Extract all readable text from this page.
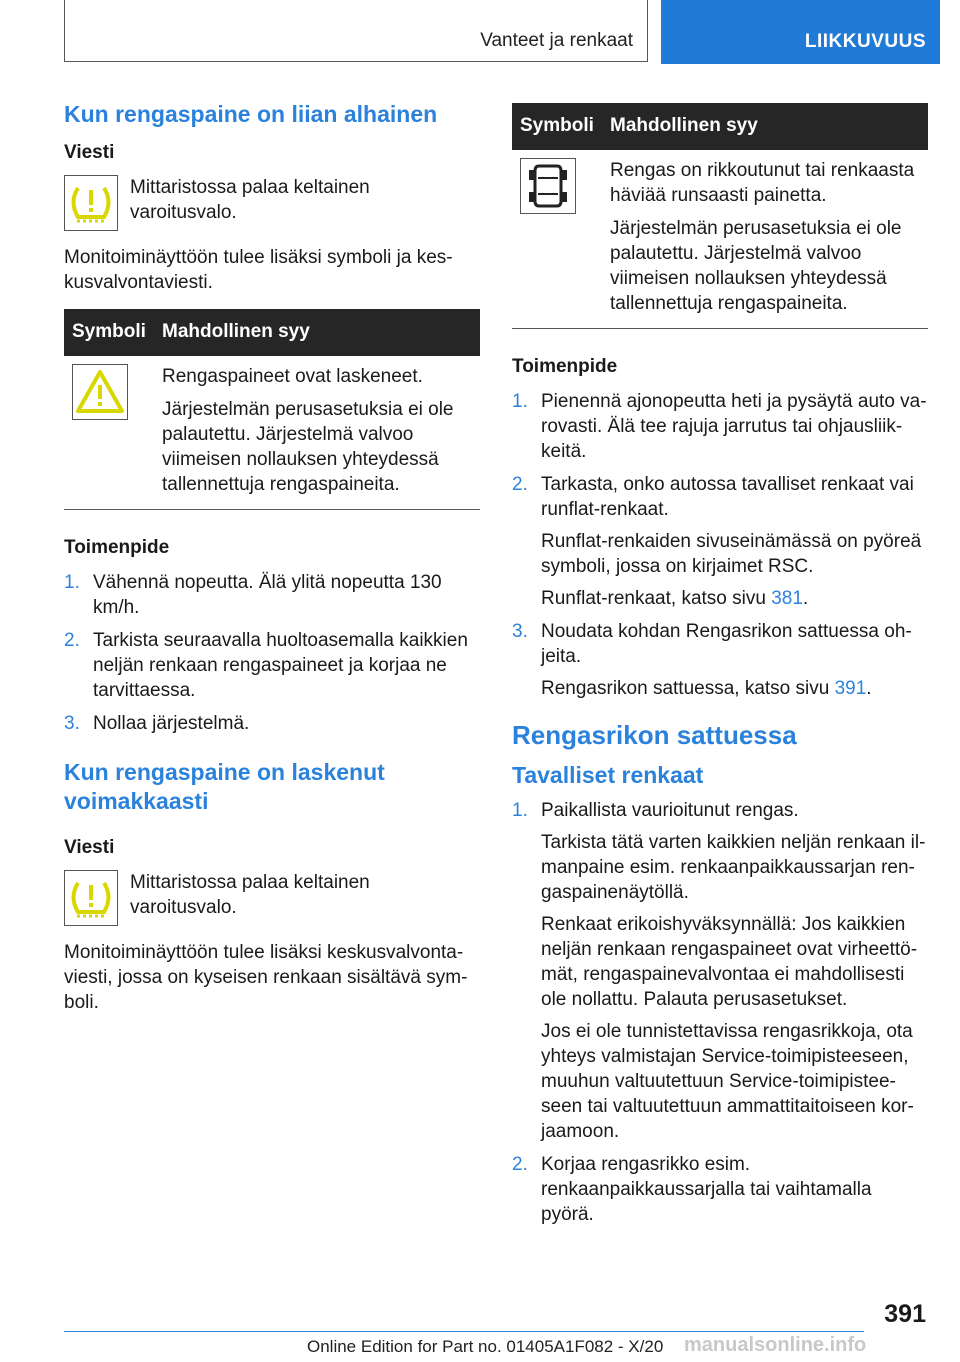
Vanteet ja renkaat	LIIKKUVUUS
Kun rengaspaine on liian alhainen
Viesti
Mittaristossa palaa keltainen varoitusvalo.

Monitoiminäyttöön tulee lisäksi symboli ja keskusvalvontaviesti.

Symboli	Mahdollinen syy

Rengaspaineet ovat laskeneet.

Järjestelmän perusasetuksia ei ole palautettu. Järjestelmä valvoo viimeisen nollauksen yhteydessä tallennettuja rengaspaineita.

Toimenpide
1. Vähennä nopeutta. Älä ylitä nopeutta 130 km/h.

2. Tarkista seuraavalla huoltoasemalla kaikkien neljän renkaan rengaspaineet ja korjaa ne tarvittaessa.

3. Nollaa järjestelmä.

Kun rengaspaine on laskenut voimakkaasti
Viesti
Mittaristossa palaa keltainen varoitusvalo.

Monitoiminäyttöön tulee lisäksi keskusvalvontaviesti, jossa on kyseisen renkaan sisältävä symboli.

Symboli	Mahdollinen syy

Rengas on rikkoutunut tai renkaasta häviää runsaasti painetta.

Järjestelmän perusasetuksia ei ole palautettu. Järjestelmä valvoo viimeisen nollauksen yhteydessä tallennettuja rengaspaineita.

Toimenpide
1. Pienennä ajonopeutta heti ja pysäytä auto varovasti. Älä tee rajuja jarrutus tai ohjausliikkeitä.

2. Tarkasta, onko autossa tavalliset renkaat vai runflat-renkaat.

Runflat-renkaiden sivuseinämässä on pyöreä symboli, jossa on kirjaimet RSC.

Runflat-renkaat, katso sivu 381.

3. Noudata kohdan Rengasrikon sattuessa ohjeita.

Rengasrikon sattuessa, katso sivu 391.

Rengasrikon sattuessa
Tavalliset renkaat
1. Paikallista vaurioitunut rengas.

Tarkista tätä varten kaikkien neljän renkaan ilmanpaine esim. renkaanpaikkaussarjan rengaspainenäytöllä.

Renkaat erikoishyväksynnällä: Jos kaikkien neljän renkaan rengaspaineet ovat virheettömät, rengaspainevalvontaa ei mahdollisesti ole nollattu. Palauta perusasetukset.

Jos ei ole tunnistettavissa rengasrikkoja, ota yhteys valmistajan Service-toimipisteeseen, muuhun valtuutettuun Service-toimipisteeseen tai valtuutettuun ammattitaitoiseen korjaamoon.

2. Korjaa rengasrikko esim. renkaanpaikkaussarjalla tai vaihtamalla pyörä.

391
Online Edition for Part no. 01405A1F082 - X/20 manualsonline.info
